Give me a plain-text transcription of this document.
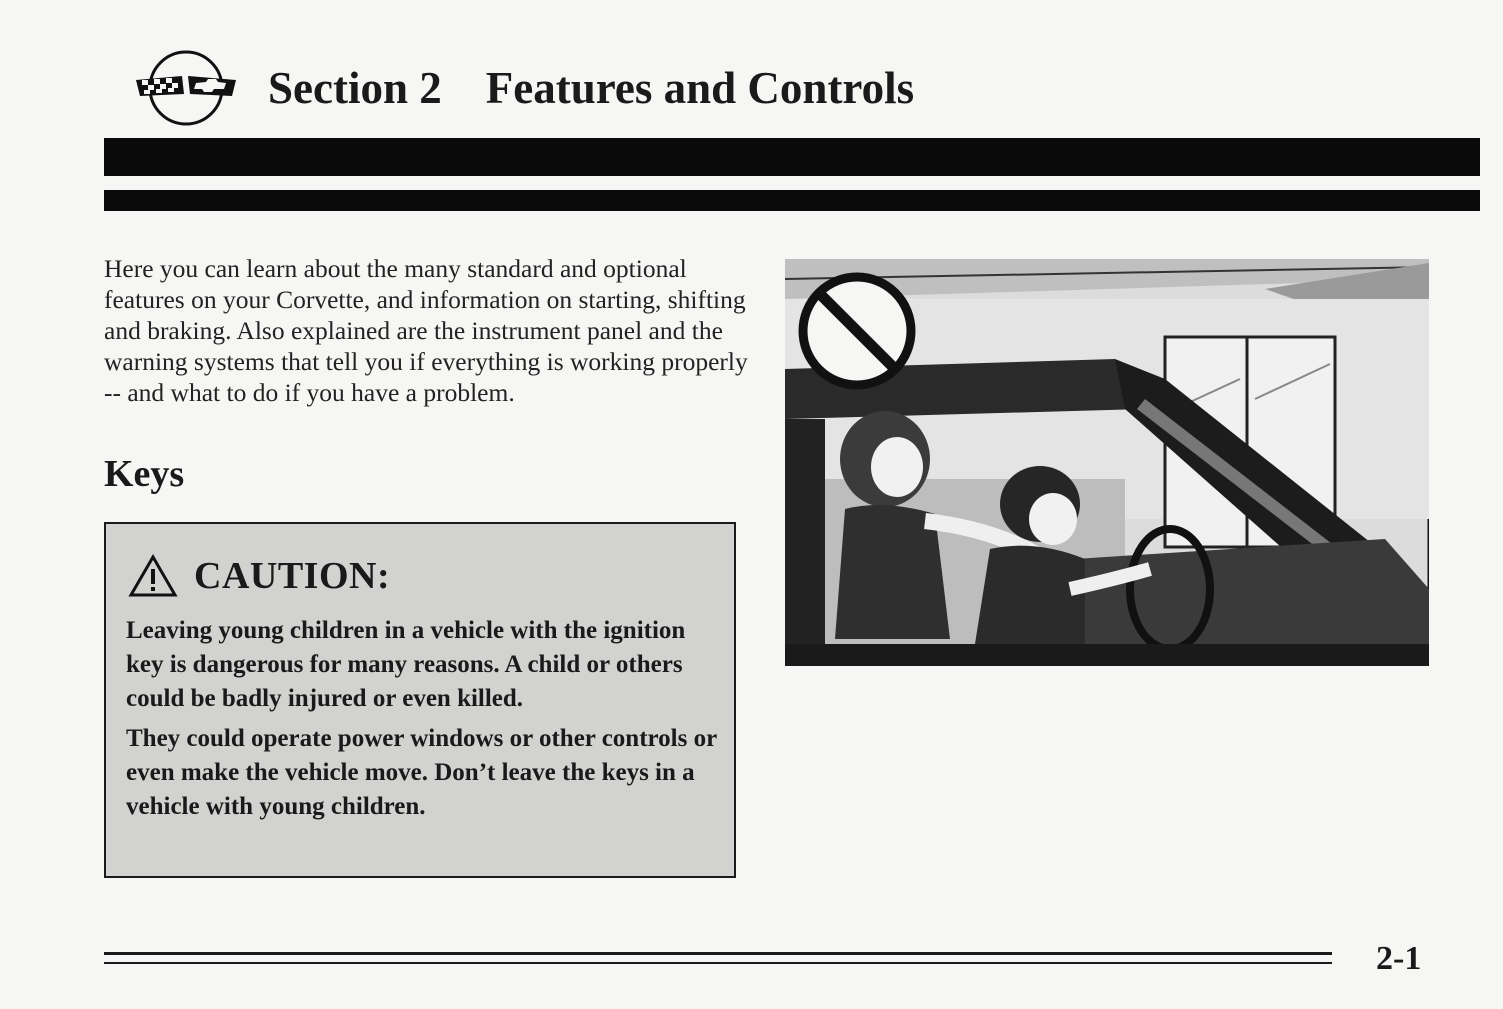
Section 2 Features and Controls
Here you can learn about the many standard and optional features on your Corvette, and information on starting, shifting and braking. Also explained are the instrument panel and the warning systems that tell you if everything is working properly -- and what to do if you have a problem.
Keys
CAUTION:

Leaving young children in a vehicle with the ignition key is dangerous for many reasons. A child or others could be badly injured or even killed.

They could operate power windows or other controls or even make the vehicle move. Don’t leave the keys in a vehicle with young children.

2-1
